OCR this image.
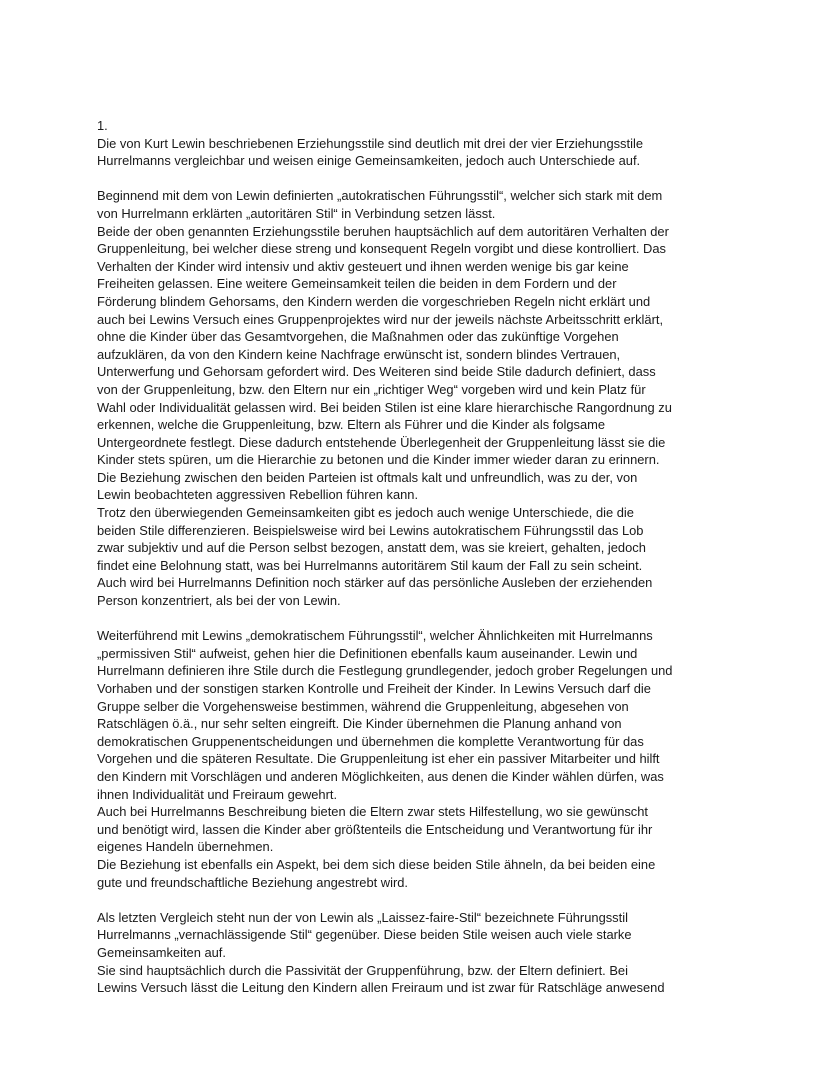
1.
Die von Kurt Lewin beschriebenen Erziehungsstile sind deutlich mit drei der vier Erziehungsstile
Hurrelmanns vergleichbar und weisen einige Gemeinsamkeiten, jedoch auch Unterschiede auf.
Beginnend mit dem von Lewin definierten „autokratischen Führungsstil“, welcher sich stark mit dem
von Hurrelmann erklärten „autoritären Stil“ in Verbindung setzen lässt.
Beide der oben genannten Erziehungsstile beruhen hauptsächlich auf dem autoritären Verhalten der
Gruppenleitung, bei welcher diese streng und konsequent Regeln vorgibt und diese kontrolliert. Das
Verhalten der Kinder wird intensiv und aktiv gesteuert und ihnen werden wenige bis gar keine
Freiheiten gelassen. Eine weitere Gemeinsamkeit teilen die beiden in dem Fordern und der
Förderung blindem Gehorsams, den Kindern werden die vorgeschrieben Regeln nicht erklärt und
auch bei Lewins Versuch eines Gruppenprojektes wird nur der jeweils nächste Arbeitsschritt erklärt,
ohne die Kinder über das Gesamtvorgehen, die Maßnahmen oder das zukünftige Vorgehen
aufzuklären, da von den Kindern keine Nachfrage erwünscht ist, sondern blindes Vertrauen,
Unterwerfung und Gehorsam gefordert wird. Des Weiteren sind beide Stile dadurch definiert, dass
von der Gruppenleitung, bzw. den Eltern nur ein „richtiger Weg“ vorgeben wird und kein Platz für
Wahl oder Individualität gelassen wird. Bei beiden Stilen ist eine klare hierarchische Rangordnung zu
erkennen, welche die Gruppenleitung, bzw. Eltern als Führer und die Kinder als folgsame
Untergeordnete festlegt. Diese dadurch entstehende Überlegenheit der Gruppenleitung lässt sie die
Kinder stets spüren, um die Hierarchie zu betonen und die Kinder immer wieder daran zu erinnern.
Die Beziehung zwischen den beiden Parteien ist oftmals kalt und unfreundlich, was zu der, von
Lewin beobachteten aggressiven Rebellion führen kann.
Trotz den überwiegenden Gemeinsamkeiten gibt es jedoch auch wenige Unterschiede, die die
beiden Stile differenzieren. Beispielsweise wird bei Lewins autokratischem Führungsstil das Lob
zwar subjektiv und auf die Person selbst bezogen, anstatt dem, was sie kreiert, gehalten, jedoch
findet eine Belohnung statt, was bei Hurrelmanns autoritärem Stil kaum der Fall zu sein scheint.
Auch wird bei Hurrelmanns Definition noch stärker auf das persönliche Ausleben der erziehenden
Person konzentriert, als bei der von Lewin.
Weiterführend mit Lewins „demokratischem Führungsstil“, welcher Ähnlichkeiten mit Hurrelmanns
„permissiven Stil“ aufweist, gehen hier die Definitionen ebenfalls kaum auseinander. Lewin und
Hurrelmann definieren ihre Stile durch die Festlegung grundlegender, jedoch grober Regelungen und
Vorhaben und der sonstigen starken Kontrolle und Freiheit der Kinder. In Lewins Versuch darf die
Gruppe selber die Vorgehensweise bestimmen, während die Gruppenleitung, abgesehen von
Ratschlägen ö.ä., nur sehr selten eingreift. Die Kinder übernehmen die Planung anhand von
demokratischen Gruppenentscheidungen und übernehmen die komplette Verantwortung für das
Vorgehen und die späteren Resultate. Die Gruppenleitung ist eher ein passiver Mitarbeiter und hilft
den Kindern mit Vorschlägen und anderen Möglichkeiten, aus denen die Kinder wählen dürfen, was
ihnen Individualität und Freiraum gewehrt.
Auch bei Hurrelmanns Beschreibung bieten die Eltern zwar stets Hilfestellung, wo sie gewünscht
und benötigt wird, lassen die Kinder aber größtenteils die Entscheidung und Verantwortung für ihr
eigenes Handeln übernehmen.
Die Beziehung ist ebenfalls ein Aspekt, bei dem sich diese beiden Stile ähneln, da bei beiden eine
gute und freundschaftliche Beziehung angestrebt wird.
Als letzten Vergleich steht nun der von Lewin als „Laissez-faire-Stil“ bezeichnete Führungsstil
Hurrelmanns „vernachlässigende Stil“ gegenüber. Diese beiden Stile weisen auch viele starke
Gemeinsamkeiten auf.
Sie sind hauptsächlich durch die Passivität der Gruppenführung, bzw. der Eltern definiert. Bei
Lewins Versuch lässt die Leitung den Kindern allen Freiraum und ist zwar für Ratschläge anwesend
